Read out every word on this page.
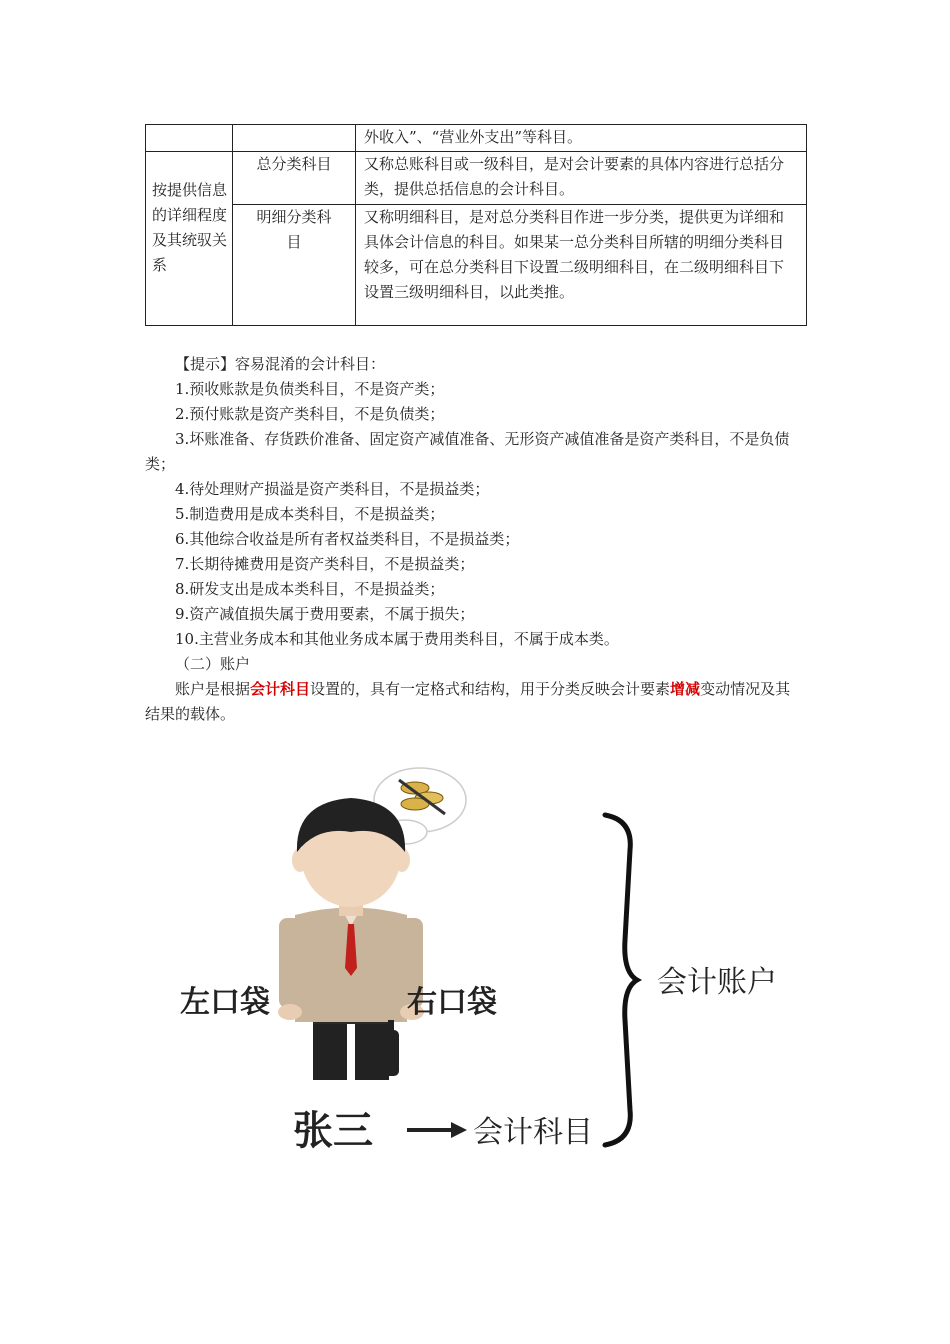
		外收入”、“营业外支出”等科目。
按提供信息的详细程度及其统驭关系	总分类科目	又称总账科目或一级科目，是对会计要素的具体内容进行总括分类，提供总括信息的会计科目。
	明细分类科目	又称明细科目，是对总分类科目作进一步分类，提供更为详细和具体会计信息的科目。如果某一总分类科目所辖的明细分类科目较多，可在总分类科目下设置二级明细科目，在二级明细科目下设置三级明细科目，以此类推。

【提示】容易混淆的会计科目：

1.预收账款是负债类科目，不是资产类；

2.预付账款是资产类科目，不是负债类；

3.坏账准备、存货跌价准备、固定资产减值准备、无形资产减值准备是资产类科目，不是负债类；

4.待处理财产损溢是资产类科目，不是损益类；

5.制造费用是成本类科目，不是损益类；

6.其他综合收益是所有者权益类科目，不是损益类；

7.长期待摊费用是资产类科目，不是损益类；

8.研发支出是成本类科目，不是损益类；

9.资产减值损失属于费用要素，不属于损失；

10.主营业务成本和其他业务成本属于费用类科目，不属于成本类。

（二）账户

账户是根据会计科目设置的，具有一定格式和结构，用于分类反映会计要素增减变动情况及其结果的载体。

左口袋	右口袋
张三	会计科目
会计账户
